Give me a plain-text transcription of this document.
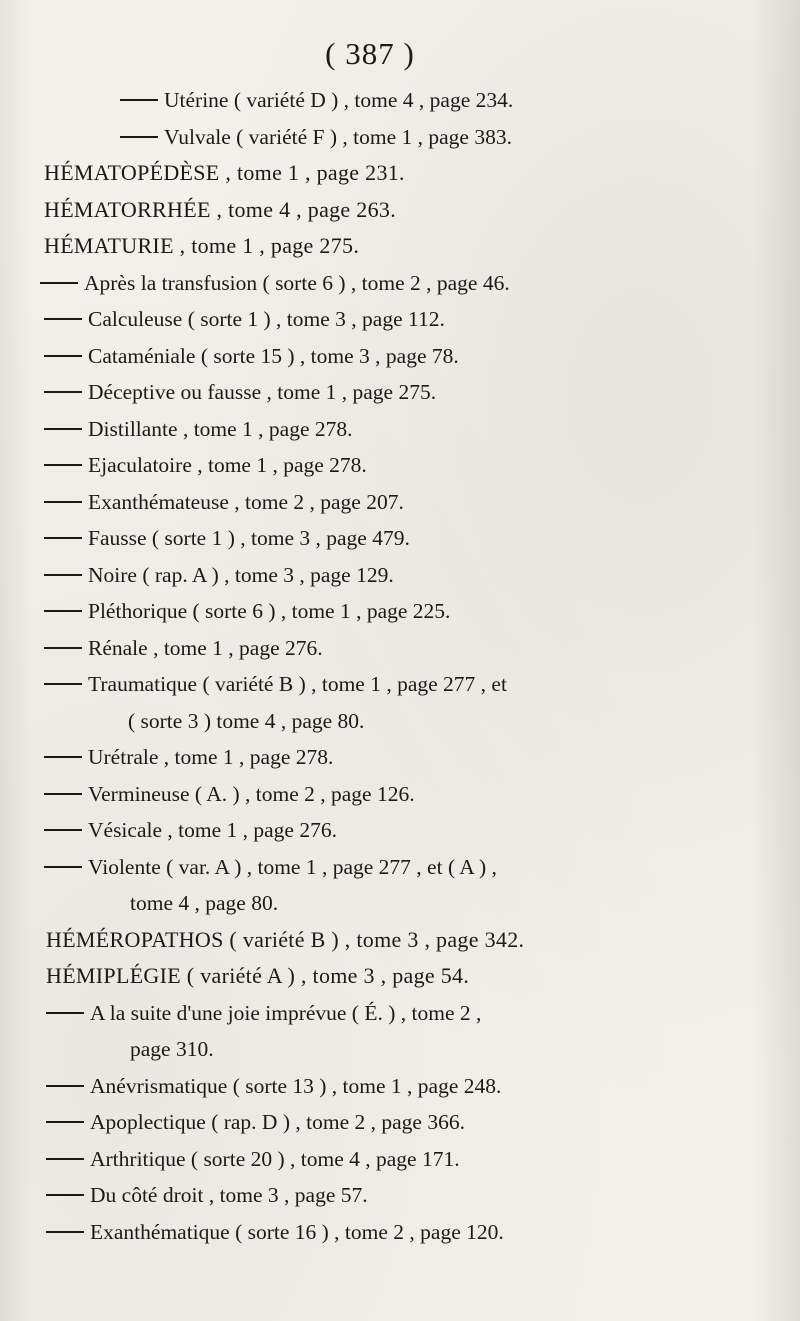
( 387 )
Utérine ( variété D ) , tome 4 , page 234.
Vulvale ( variété F ) , tome 1 , page 383.
HÉMATOPÉDÈSE , tome 1 , page 231.
HÉMATORRHÉE , tome 4 , page 263.
HÉMATURIE , tome 1 , page 275.
Après la transfusion ( sorte 6 ) , tome 2 , page 46.
Calculeuse ( sorte 1 ) , tome 3 , page 112.
Cataméniale ( sorte 15 ) , tome 3 , page 78.
Déceptive ou fausse , tome 1 , page 275.
Distillante , tome 1 , page 278.
Ejaculatoire , tome 1 , page 278.
Exanthémateuse , tome 2 , page 207.
Fausse ( sorte 1 ) , tome 3 , page 479.
Noire ( rap. A ) , tome 3 , page 129.
Pléthorique ( sorte 6 ) , tome 1 , page 225.
Rénale , tome 1 , page 276.
Traumatique ( variété B ) , tome 1 , page 277 , et
( sorte 3 ) tome 4 , page 80.
Urétrale , tome 1 , page 278.
Vermineuse ( A. ) , tome 2 , page 126.
Vésicale , tome 1 , page 276.
Violente ( var. A ) , tome 1 , page 277 , et ( A ) ,
tome 4 , page 80.
HÉMÉROPATHOS ( variété B ) , tome 3 , page 342.
HÉMIPLÉGIE ( variété A ) , tome 3 , page 54.
A la suite d'une joie imprévue ( É. ) , tome 2 ,
page 310.
Anévrismatique ( sorte 13 ) , tome 1 , page 248.
Apoplectique ( rap. D ) , tome 2 , page 366.
Arthritique ( sorte 20 ) , tome 4 , page 171.
Du côté droit , tome 3 , page 57.
Exanthématique ( sorte 16 ) , tome 2 , page 120.
